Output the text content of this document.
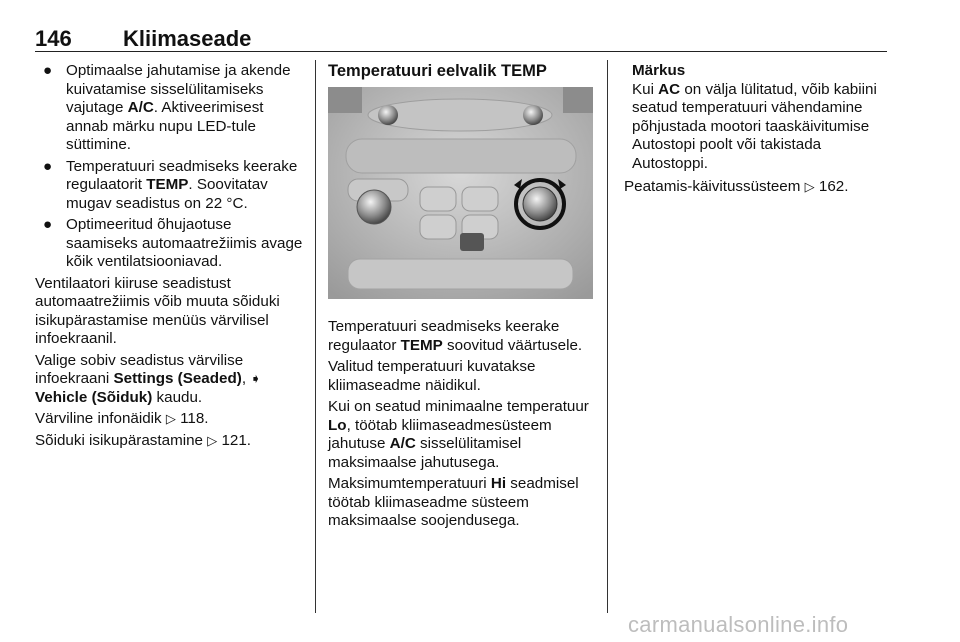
146 Kliimaseade
● Optimaalse jahutamise ja akende kuivatamise sisselülitamiseks vajutage A/C. Aktiveerimisest annab märku nupu LED-tule süttimine.
● Temperatuuri seadmiseks keerake regulaatorit TEMP. Soovitatav mugav seadistus on 22 °C.
● Optimeeritud õhujaotuse saamiseks automaatrežiimis avage kõik ventilatsiooniavad.

Ventilaatori kiiruse seadistust automaatrežiimis võib muuta sõiduki isikupärastamise menüüs värvilisel infoekraanil.

Valige sobiv seadistus värvilise infoekraani Settings (Seaded), ➧ Vehicle (Sõiduk) kaudu.

Värviline infonäidik ▷ 118.

Sõiduki isikupärastamine ▷ 121.

Temperatuuri eelvalik TEMP

Temperatuuri seadmiseks keerake regulaator TEMP soovitud väärtusele.

Valitud temperatuuri kuvatakse kliimaseadme näidikul.

Kui on seatud minimaalne temperatuur Lo, töötab kliimaseadmesüsteem jahutuse A/C sisselülitamisel maksimaalse jahutusega.

Maksimumtemperatuuri Hi seadmisel töötab kliimaseadme süsteem maksimaalse soojendusega.

Märkus
Kui AC on välja lülitatud, võib kabiini seatud temperatuuri vähendamine põhjustada mootori taaskäivitumise Autostopi poolt või takistada Autostoppi.

Peatamis-käivitussüsteem ▷ 162.

carmanualsonline.info
